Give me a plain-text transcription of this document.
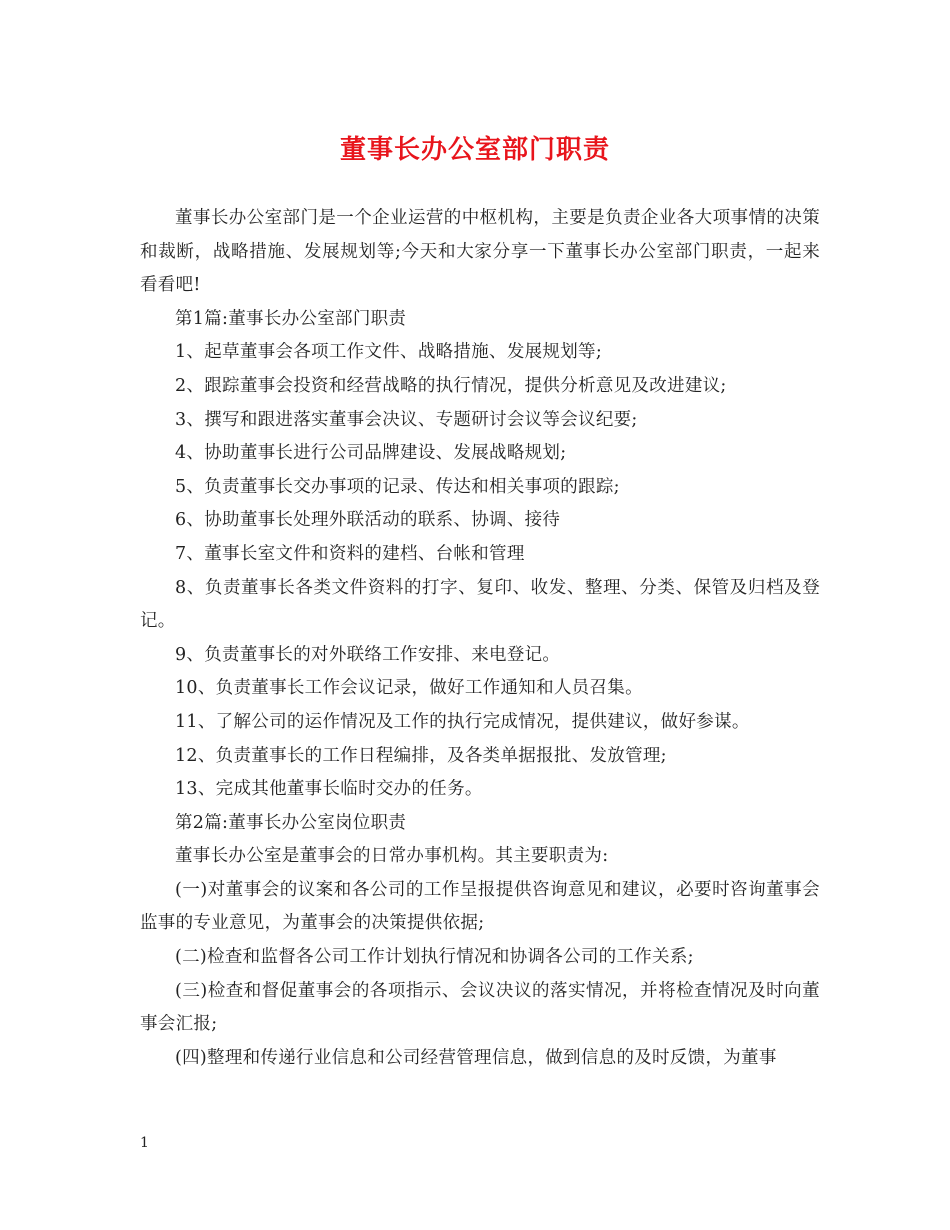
董事长办公室部门职责

董事长办公室部门是一个企业运营的中枢机构，主要是负责企业各大项事情的决策和裁断，战略措施、发展规划等;今天和大家分享一下董事长办公室部门职责，一起来看看吧!

第1篇:董事长办公室部门职责

1、起草董事会各项工作文件、战略措施、发展规划等;

2、跟踪董事会投资和经营战略的执行情况，提供分析意见及改进建议;

3、撰写和跟进落实董事会决议、专题研讨会议等会议纪要;

4、协助董事长进行公司品牌建设、发展战略规划;

5、负责董事长交办事项的记录、传达和相关事项的跟踪;

6、协助董事长处理外联活动的联系、协调、接待

7、董事长室文件和资料的建档、台帐和管理

8、负责董事长各类文件资料的打字、复印、收发、整理、分类、保管及归档及登记。

9、负责董事长的对外联络工作安排、来电登记。

10、负责董事长工作会议记录，做好工作通知和人员召集。

11、了解公司的运作情况及工作的执行完成情况，提供建议，做好参谋。

12、负责董事长的工作日程编排，及各类单据报批、发放管理;

13、完成其他董事长临时交办的任务。

第2篇:董事长办公室岗位职责

董事长办公室是董事会的日常办事机构。其主要职责为:

(一)对董事会的议案和各公司的工作呈报提供咨询意见和建议，必要时咨询董事会监事的专业意见，为董事会的决策提供依据;

(二)检查和监督各公司工作计划执行情况和协调各公司的工作关系;

(三)检查和督促董事会的各项指示、会议决议的落实情况，并将检查情况及时向董事会汇报;

(四)整理和传递行业信息和公司经营管理信息，做到信息的及时反馈，为董事

1
